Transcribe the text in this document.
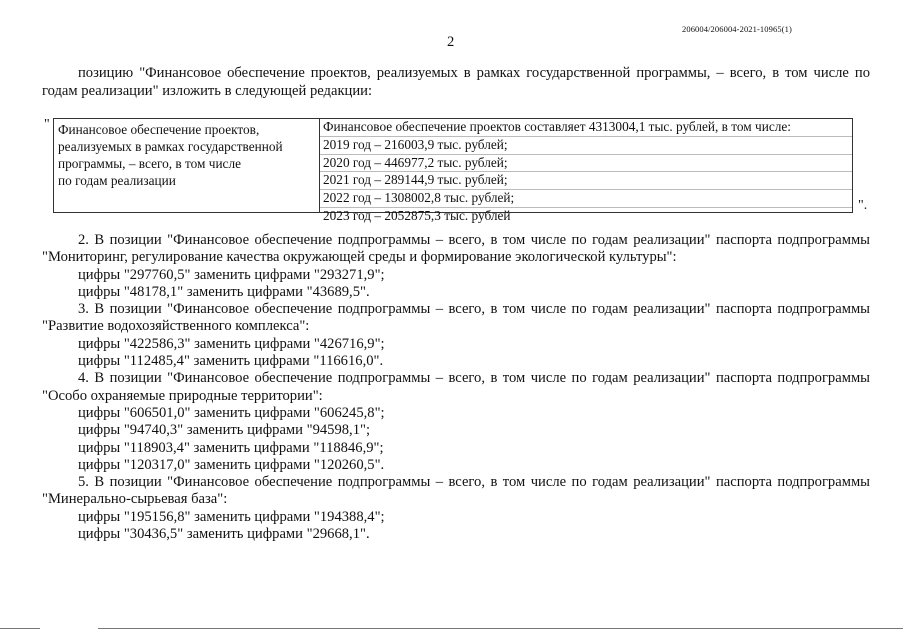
206004/206004-2021-10965(1)
2

позицию "Финансовое обеспечение проектов, реализуемых в рамках государственной программы, – всего, в том числе по годам реализации" изложить в следующей редакции:

" Финансовое обеспечение проектов,
реализуемых в рамках государственной
программы, – всего, в том числе
по годам реализации
Финансовое обеспечение проектов составляет 4313004,1 тыс. рублей, в том числе:
2019 год – 216003,9 тыс. рублей;
2020 год – 446977,2 тыс. рублей;
2021 год – 289144,9 тыс. рублей;
2022 год – 1308002,8 тыс. рублей;
2023 год – 2052875,3 тыс. рублей
".

2. В позиции "Финансовое обеспечение подпрограммы – всего, в том числе по годам реализации" паспорта подпрограммы "Мониторинг, регулирование качества окружающей среды и формирование экологической культуры":

цифры "297760,5" заменить цифрами "293271,9";

цифры "48178,1" заменить цифрами "43689,5".

3. В позиции "Финансовое обеспечение подпрограммы – всего, в том числе по годам реализации" паспорта подпрограммы "Развитие водохозяйственного комплекса":

цифры "422586,3" заменить цифрами "426716,9";

цифры "112485,4" заменить цифрами "116616,0".

4. В позиции "Финансовое обеспечение подпрограммы – всего, в том числе по годам реализации" паспорта подпрограммы "Особо охраняемые природные территории":

цифры "606501,0" заменить цифрами "606245,8";

цифры "94740,3" заменить цифрами "94598,1";

цифры "118903,4" заменить цифрами "118846,9";

цифры "120317,0" заменить цифрами "120260,5".

5. В позиции "Финансовое обеспечение подпрограммы – всего, в том числе по годам реализации" паспорта подпрограммы "Минерально-сырьевая база":

цифры "195156,8" заменить цифрами "194388,4";

цифры "30436,5" заменить цифрами "29668,1".
